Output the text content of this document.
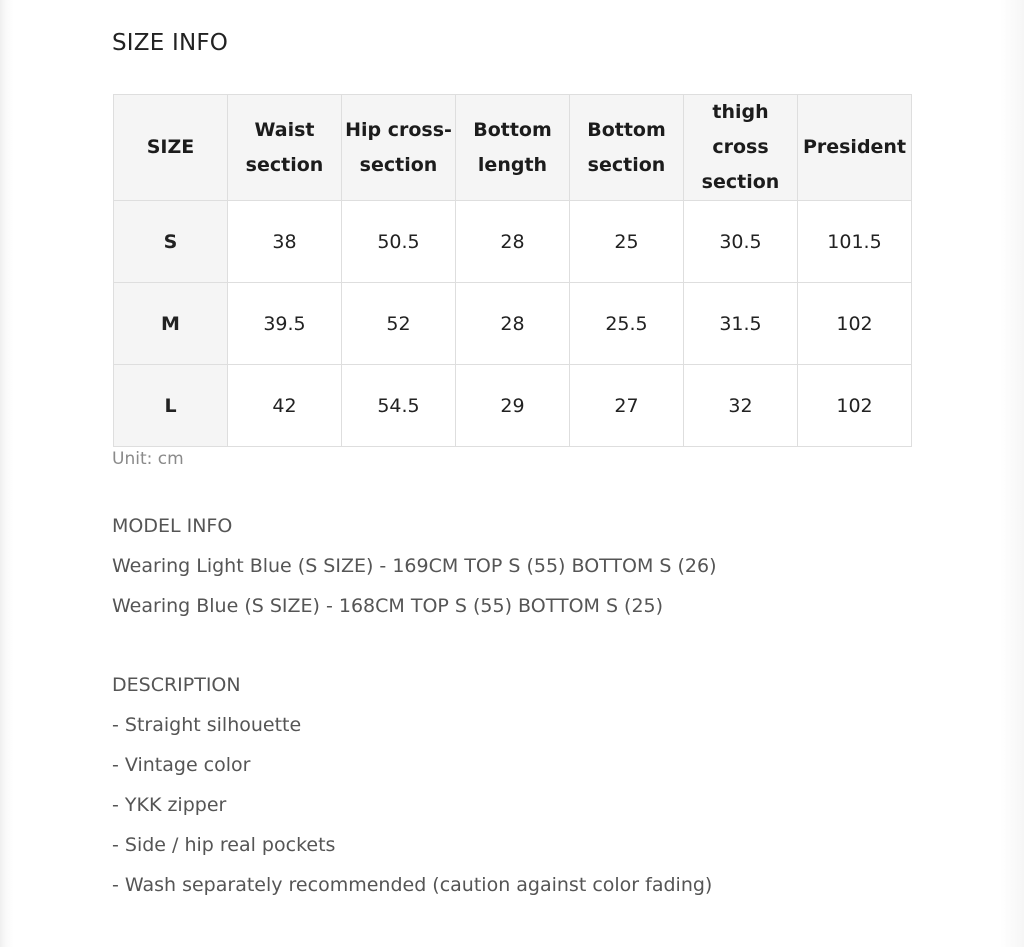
SIZE INFO
SIZE	Waist section	Hip cross-section	Bottom length	Bottom section	thigh cross section	President

S	38	50.5	28	25	30.5	101.5
M	39.5	52	28	25.5	31.5	102
L	42	54.5	29	27	32	102
Unit: cm
MODEL INFO
Wearing Light Blue (S SIZE) - 169CM TOP S (55) BOTTOM S (26)
Wearing Blue (S SIZE) - 168CM TOP S (55) BOTTOM S (25)
DESCRIPTION
- Straight silhouette
- Vintage color
- YKK zipper
- Side / hip real pockets
- Wash separately recommended (caution against color fading)
